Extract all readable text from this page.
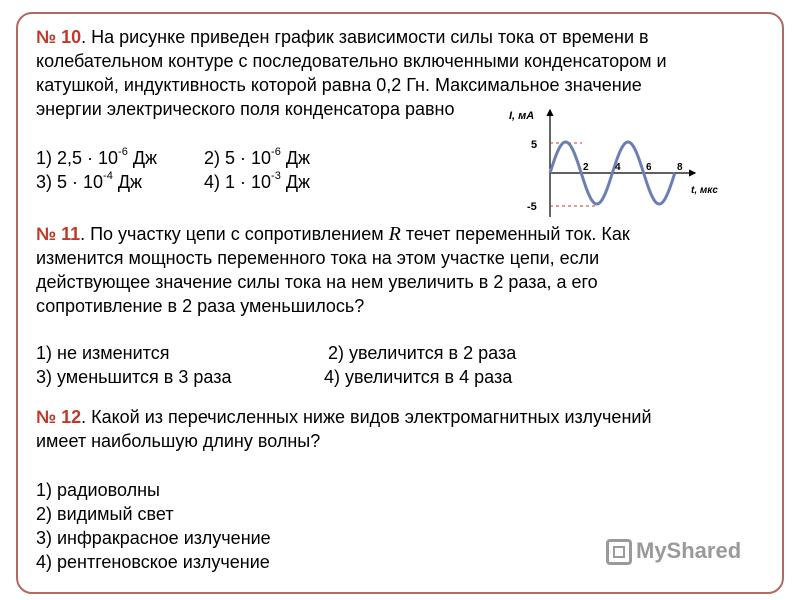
№ 10. На рисунке приведен график зависимости силы тока от времени в
колебательном контуре с последовательно включенными конденсатором и
катушкой, индуктивность которой равна 0,2 Гн. Максимальное значение
энергии электрического поля конденсатора равно
1) $2,5 \cdot 10^{-6}$ Дж	2) $5 \cdot 10^{-6}$ Дж
3) $5 \cdot 10^{-4}$ Дж	4) $1 \cdot 10^{-3}$ Дж
I, мА
t, мкс
5
-5
2	4	6	8
№ 11. По участку цепи с сопротивлением R течет переменный ток. Как
изменится мощность переменного тока на этом участке цепи, если
действующее значение силы тока на нем увеличить в 2 раза, а его
сопротивление в 2 раза уменьшилось?
1) не изменится	2) увеличится в 2 раза
3) уменьшится в 3 раза	4) увеличится в 4 раза
№ 12. Какой из перечисленных ниже видов электромагнитных излучений
имеет наибольшую длину волны?
1) радиоволны
2) видимый свет
3) инфракрасное излучение
4) рентгеновское излучение	MyShared
